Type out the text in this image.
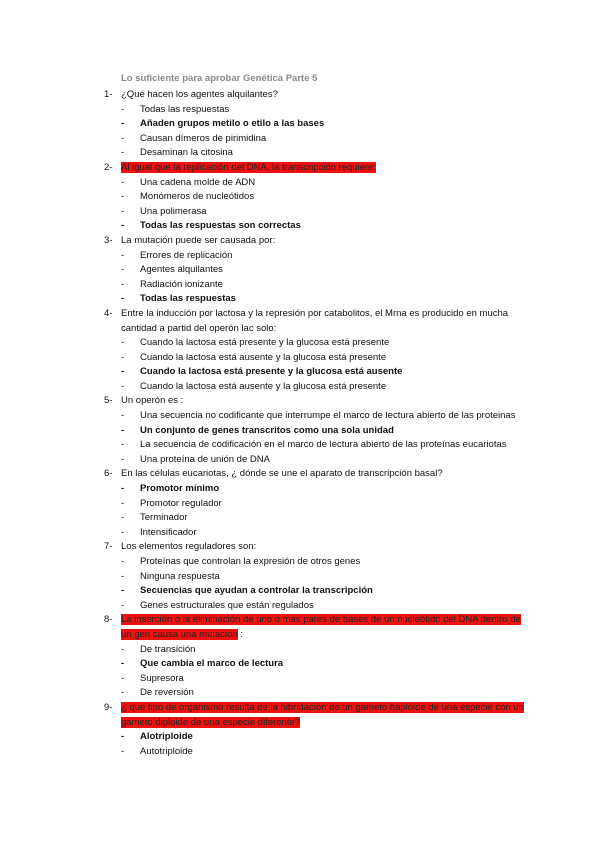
Lo suficiente para aprobar Genética Parte 5
1- ¿Qué hacen los agentes alquilantes?
- Todas las respuestas
- Añaden grupos metilo o etilo a las bases
- Causan dímeros de pirimidina
- Desaminan la citosina
2- Al igual que la replicación del DNA, la transcripción requiere:
- Una cadena molde de ADN
- Monómeros de nucleótidos
- Una polimerasa
- Todas las respuestas son correctas
3- La mutación puede ser causada por:
- Errores de replicación
- Agentes alquilantes
- Radiación ionizante
- Todas las respuestas
4- Entre la inducción por lactosa y la represión por catabolitos, el Mrna es producido en mucha cantidad a partid del operón lac solo:
- Cuando la lactosa está presente y la glucosa está presente
- Cuando la lactosa está ausente y la glucosa está presente
- Cuando la lactosa está presente y la glucosa está ausente
- Cuando la lactosa está ausente y la glucosa está presente
5- Un operón es :
- Una secuencia no codificante que interrumpe el marco de lectura abierto de las proteinas
- Un conjunto de genes transcritos como una sola unidad
- La secuencia de codificación en el marco de lectura abierto de las proteínas eucariotas
- Una proteína de unión de DNA
6- En las células eucariotas, ¿ dónde se une el aparato de transcripción basal?
- Promotor mínimo
- Promotor regulador
- Terminador
- Intensificador
7- Los elementos reguladores son:
- Proteínas que controlan la expresión de otros genes
- Ninguna respuesta
- Secuencias que ayudan a controlar la transcripción
- Genes estructurales que están regulados
8- La inserción o la eliminación de uno o mas pares de bases de un nucleótido del DNA dentro de un gen causa una mutación :
- De transición
- Que cambia el marco de lectura
- Supresora
- De reversión
9- ¿ que tipo de organismo resulta de la hibridación de un gameto haploide de una especie con un gameto diploide de una especie diferente?
- Alotriploide
- Autotriploide
